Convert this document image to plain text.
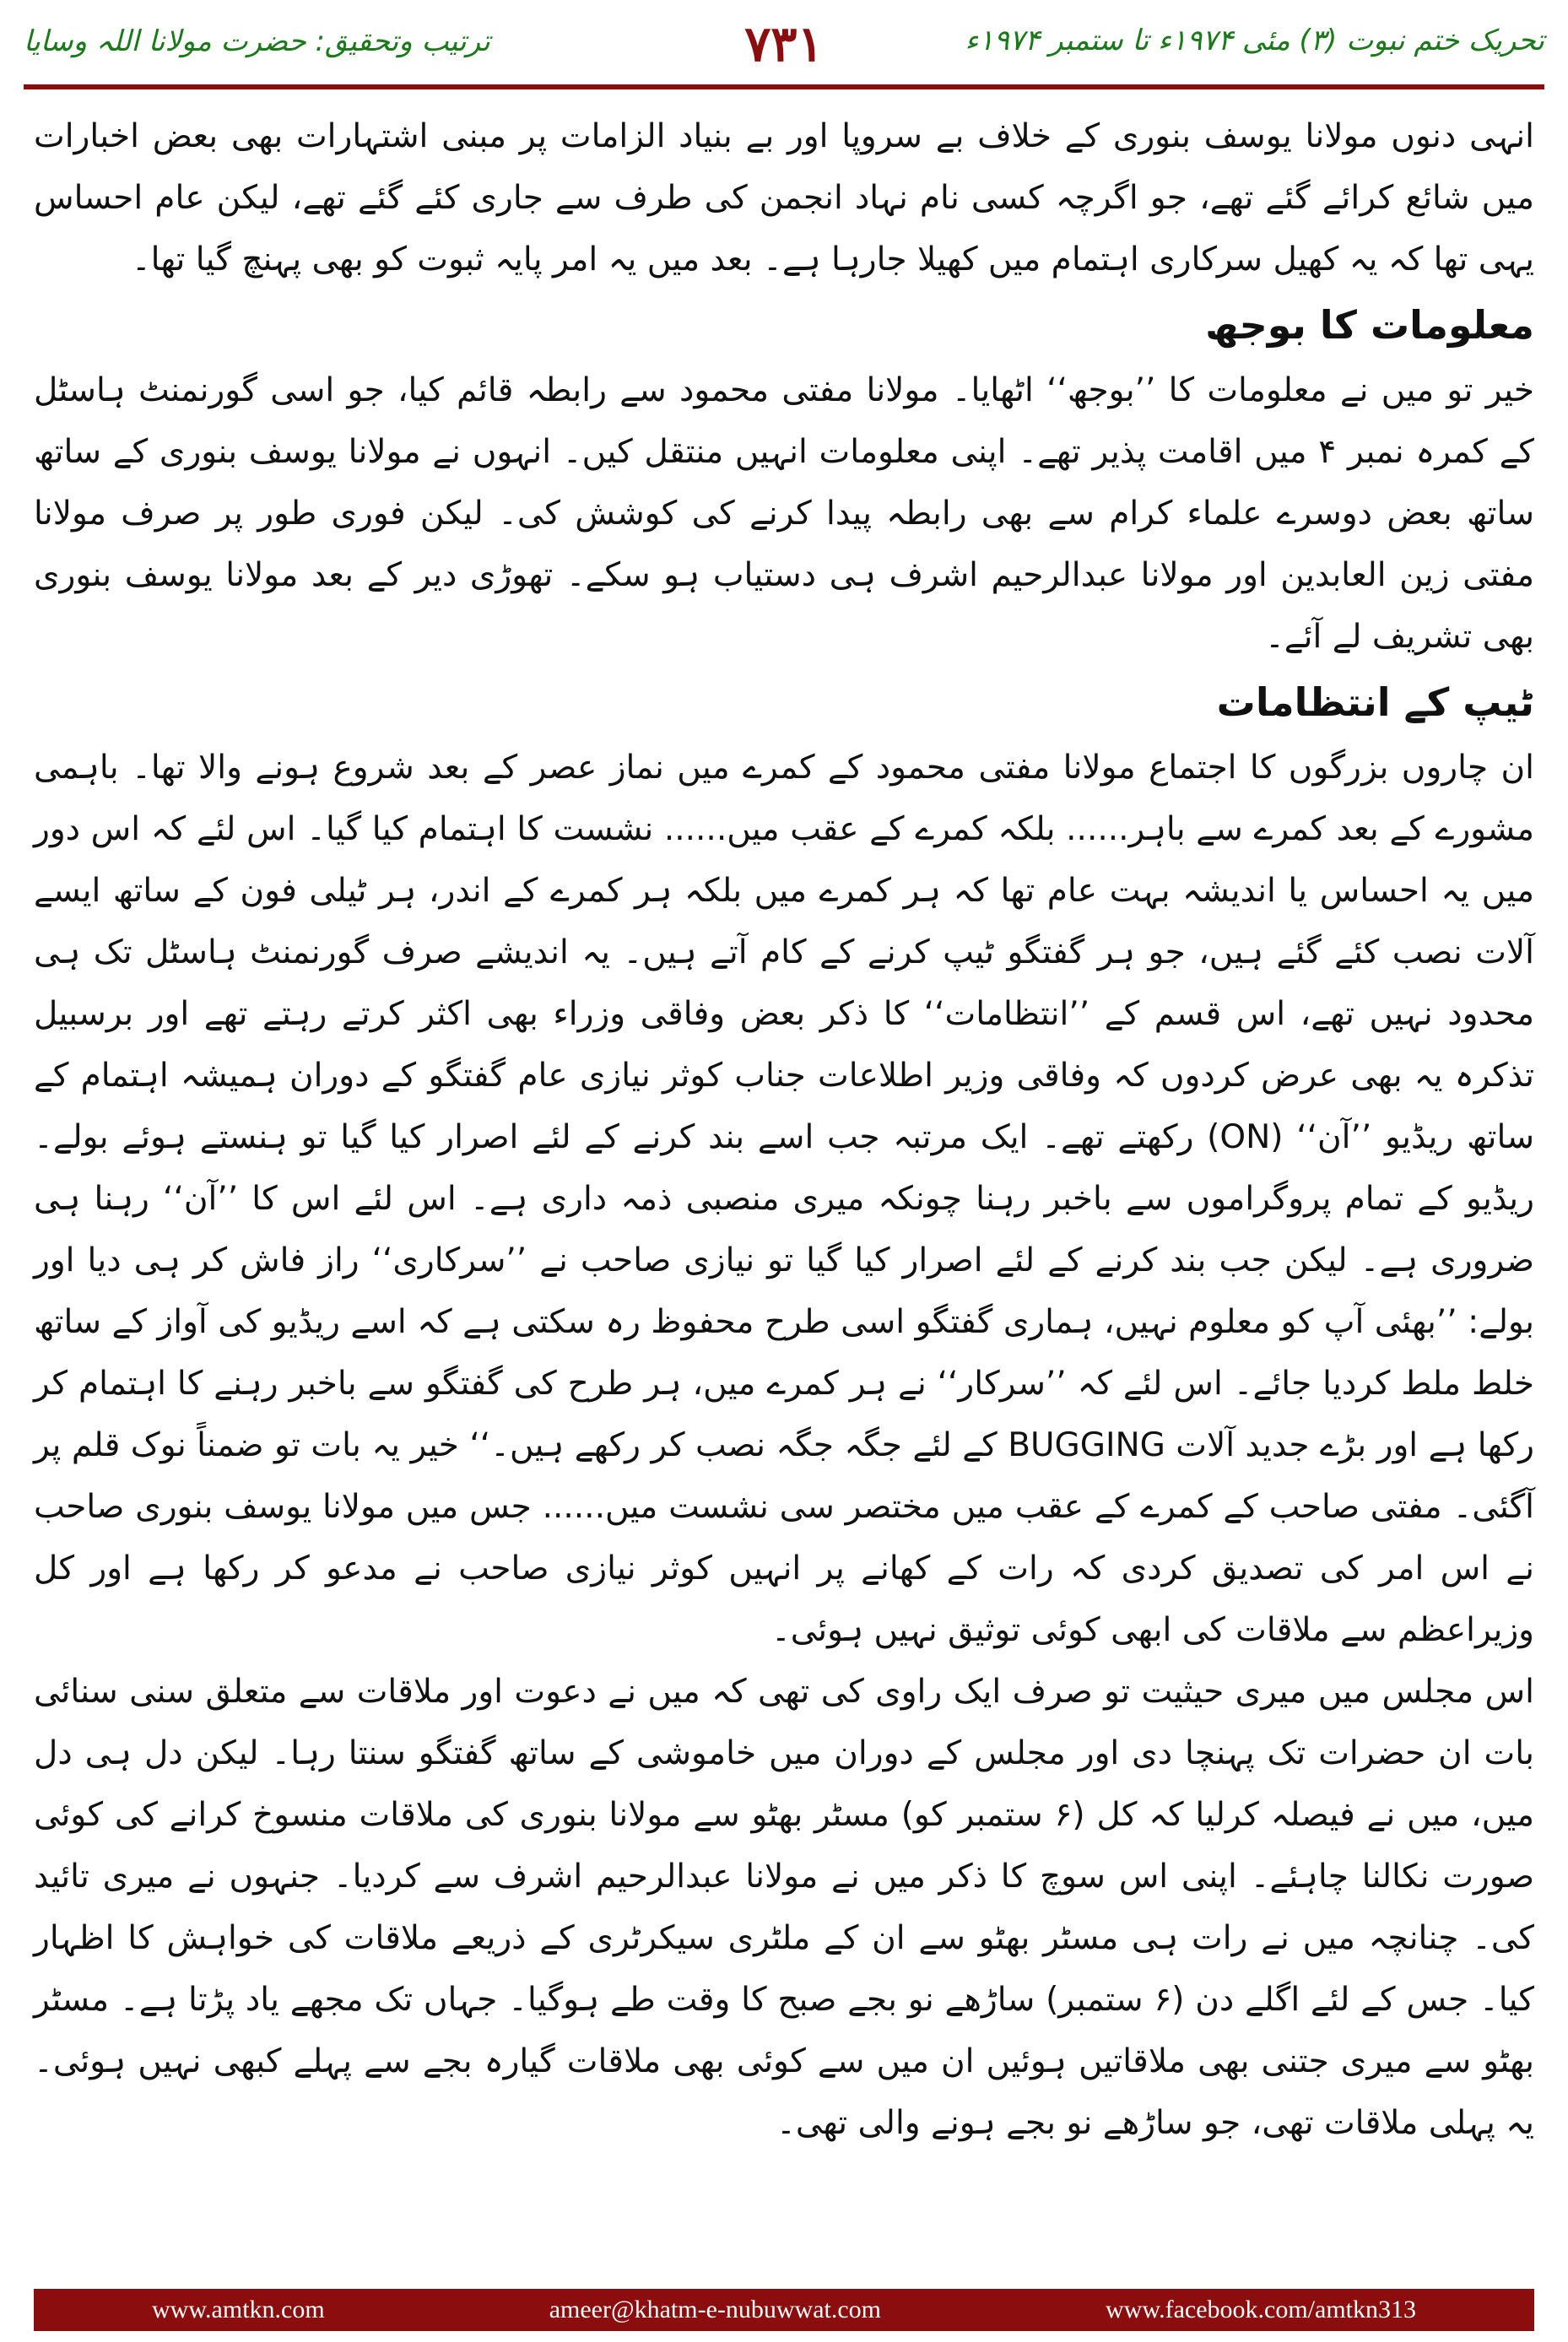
ترتیب وتحقیق: حضرت مولانا اللہ وسایا	۷۳۱	تحریک ختم نبوت (۳) مئی ۱۹۷۴ء تا ستمبر ۱۹۷۴ء

انہی دنوں مولانا یوسف بنوری کے خلاف بے سروپا اور بے بنیاد الزامات پر مبنی اشتہارات بھی بعض اخبارات میں شائع کرائے گئے تھے، جو اگرچہ کسی نام نہاد انجمن کی طرف سے جاری کئے گئے تھے، لیکن عام احساس یہی تھا کہ یہ کھیل سرکاری اہتمام میں کھیلا جارہا ہے۔ بعد میں یہ امر پایہ ثبوت کو بھی پہنچ گیا تھا۔

معلومات کا بوجھ

خیر تو میں نے معلومات کا ’’بوجھ‘‘ اٹھایا۔ مولانا مفتی محمود سے رابطہ قائم کیا، جو اسی گورنمنٹ ہاسٹل کے کمرہ نمبر ۴ میں اقامت پذیر تھے۔ اپنی معلومات انہیں منتقل کیں۔ انہوں نے مولانا یوسف بنوری کے ساتھ ساتھ بعض دوسرے علماء کرام سے بھی رابطہ پیدا کرنے کی کوشش کی۔ لیکن فوری طور پر صرف مولانا مفتی زین العابدین اور مولانا عبدالرحیم اشرف ہی دستیاب ہو سکے۔ تھوڑی دیر کے بعد مولانا یوسف بنوری بھی تشریف لے آئے۔

ٹیپ کے انتظامات

ان چاروں بزرگوں کا اجتماع مولانا مفتی محمود کے کمرے میں نماز عصر کے بعد شروع ہونے والا تھا۔ باہمی مشورے کے بعد کمرے سے باہر...... بلکہ کمرے کے عقب میں...... نشست کا اہتمام کیا گیا۔ اس لئے کہ اس دور میں یہ احساس یا اندیشہ بہت عام تھا کہ ہر کمرے میں بلکہ ہر کمرے کے اندر، ہر ٹیلی فون کے ساتھ ایسے آلات نصب کئے گئے ہیں، جو ہر گفتگو ٹیپ کرنے کے کام آتے ہیں۔ یہ اندیشے صرف گورنمنٹ ہاسٹل تک ہی محدود نہیں تھے، اس قسم کے ’’انتظامات‘‘ کا ذکر بعض وفاقی وزراء بھی اکثر کرتے رہتے تھے اور برسبیل تذکرہ یہ بھی عرض کردوں کہ وفاقی وزیر اطلاعات جناب کوثر نیازی عام گفتگو کے دوران ہمیشہ اہتمام کے ساتھ ریڈیو ’’آن‘‘ (ON) رکھتے تھے۔ ایک مرتبہ جب اسے بند کرنے کے لئے اصرار کیا گیا تو ہنستے ہوئے بولے۔ ریڈیو کے تمام پروگراموں سے باخبر رہنا چونکہ میری منصبی ذمہ داری ہے۔ اس لئے اس کا ’’آن‘‘ رہنا ہی ضروری ہے۔ لیکن جب بند کرنے کے لئے اصرار کیا گیا تو نیازی صاحب نے ’’سرکاری‘‘ راز فاش کر ہی دیا اور بولے: ’’بھئی آپ کو معلوم نہیں، ہماری گفتگو اسی طرح محفوظ رہ سکتی ہے کہ اسے ریڈیو کی آواز کے ساتھ خلط ملط کردیا جائے۔ اس لئے کہ ’’سرکار‘‘ نے ہر کمرے میں، ہر طرح کی گفتگو سے باخبر رہنے کا اہتمام کر رکھا ہے اور بڑے جدید آلات BUGGING کے لئے جگہ جگہ نصب کر رکھے ہیں۔‘‘ خیر یہ بات تو ضمناً نوک قلم پر آگئی۔ مفتی صاحب کے کمرے کے عقب میں مختصر سی نشست میں...... جس میں مولانا یوسف بنوری صاحب نے اس امر کی تصدیق کردی کہ رات کے کھانے پر انہیں کوثر نیازی صاحب نے مدعو کر رکھا ہے اور کل وزیراعظم سے ملاقات کی ابھی کوئی توثیق نہیں ہوئی۔

اس مجلس میں میری حیثیت تو صرف ایک راوی کی تھی کہ میں نے دعوت اور ملاقات سے متعلق سنی سنائی بات ان حضرات تک پہنچا دی اور مجلس کے دوران میں خاموشی کے ساتھ گفتگو سنتا رہا۔ لیکن دل ہی دل میں، میں نے فیصلہ کرلیا کہ کل (۶ ستمبر کو) مسٹر بھٹو سے مولانا بنوری کی ملاقات منسوخ کرانے کی کوئی صورت نکالنا چاہئے۔ اپنی اس سوچ کا ذکر میں نے مولانا عبدالرحیم اشرف سے کردیا۔ جنہوں نے میری تائید کی۔ چنانچہ میں نے رات ہی مسٹر بھٹو سے ان کے ملٹری سیکرٹری کے ذریعے ملاقات کی خواہش کا اظہار کیا۔ جس کے لئے اگلے دن (۶ ستمبر) ساڑھے نو بجے صبح کا وقت طے ہوگیا۔ جہاں تک مجھے یاد پڑتا ہے۔ مسٹر بھٹو سے میری جتنی بھی ملاقاتیں ہوئیں ان میں سے کوئی بھی ملاقات گیارہ بجے سے پہلے کبھی نہیں ہوئی۔ یہ پہلی ملاقات تھی، جو ساڑھے نو بجے ہونے والی تھی۔

www.amtkn.com	ameer@khatm-e-nubuwwat.com	www.facebook.com/amtkn313
